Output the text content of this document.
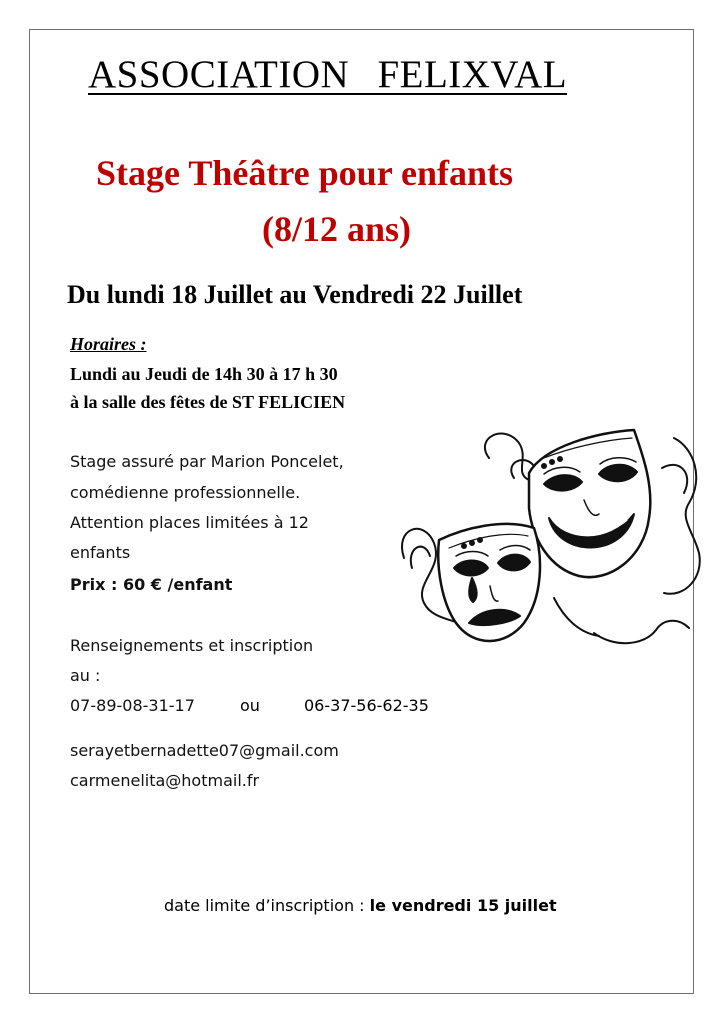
ASSOCIATION FELIXVAL
Stage Théâtre pour enfants
(8/12 ans)
Du lundi 18 Juillet au Vendredi 22 Juillet
Horaires :
Lundi au Jeudi de 14h 30 à 17 h 30
à la salle des fêtes de ST FELICIEN
Stage assuré par Marion Poncelet,
comédienne professionnelle.
Attention places limitées à 12
enfants
Prix : 60 € /enfant
Renseignements et inscription
au :
07-89-08-31-17	ou	06-37-56-62-35
serayetbernadette07@gmail.com
carmenelita@hotmail.fr
date limite d’inscription : le vendredi 15 juillet
